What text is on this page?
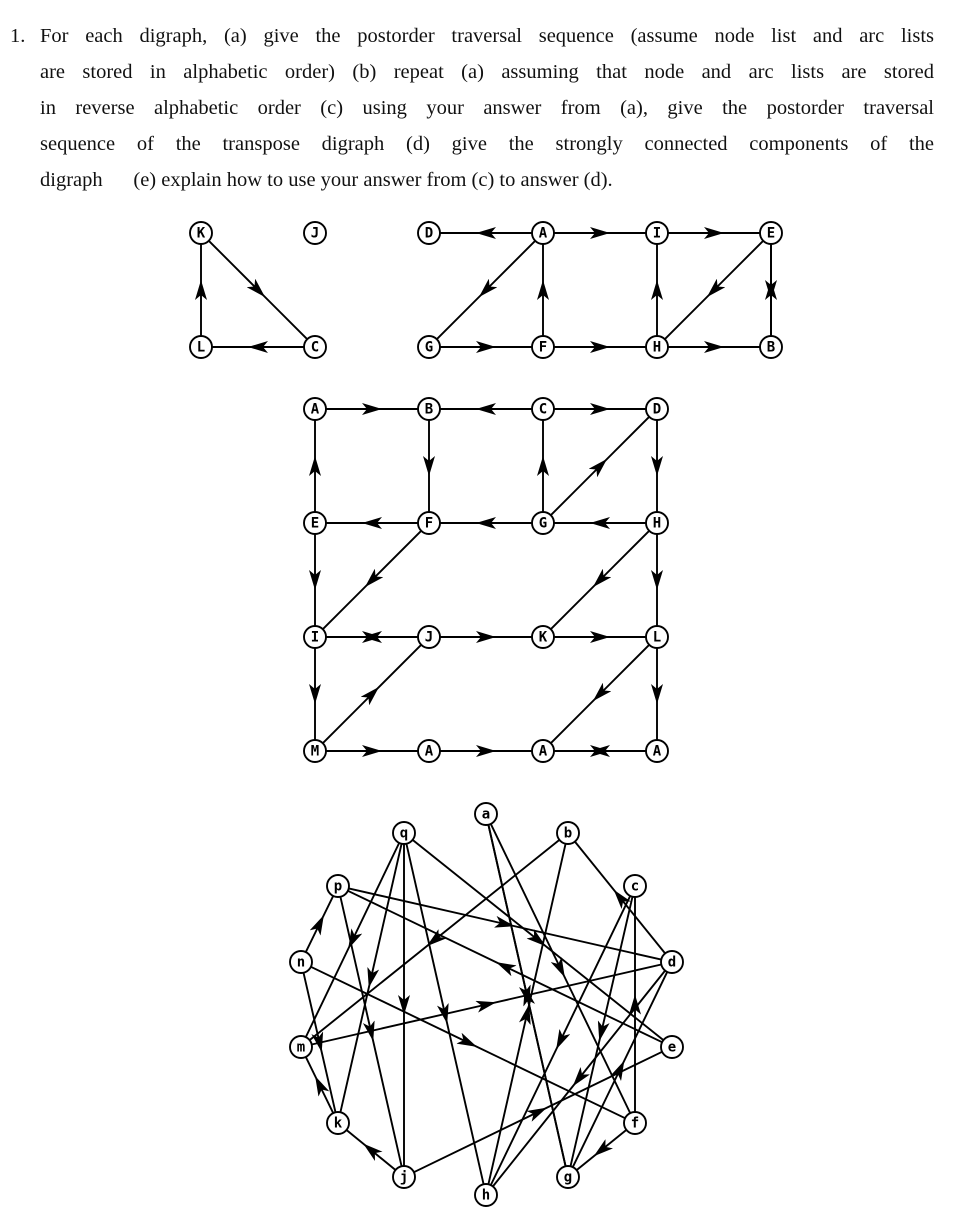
1. For each digraph, (a) give the postorder traversal sequence (assume node list and arc lists
are stored in alphabetic order) (b) repeat (a) assuming that node and arc lists are stored
in reverse alphabetic order (c) using your answer from (a), give the postorder traversal
sequence of the transpose digraph (d) give the strongly connected components of the
digraph      (e) explain how to use your answer from (c) to answer (d).
K	J
L	C
D	A	I	E
G	F	H	B
A	B	C	D
E	F	G	H
I	J	K	L
M	A	A	A
a
b
c
d
e
f
g
h
j
k
m
n
p
q
